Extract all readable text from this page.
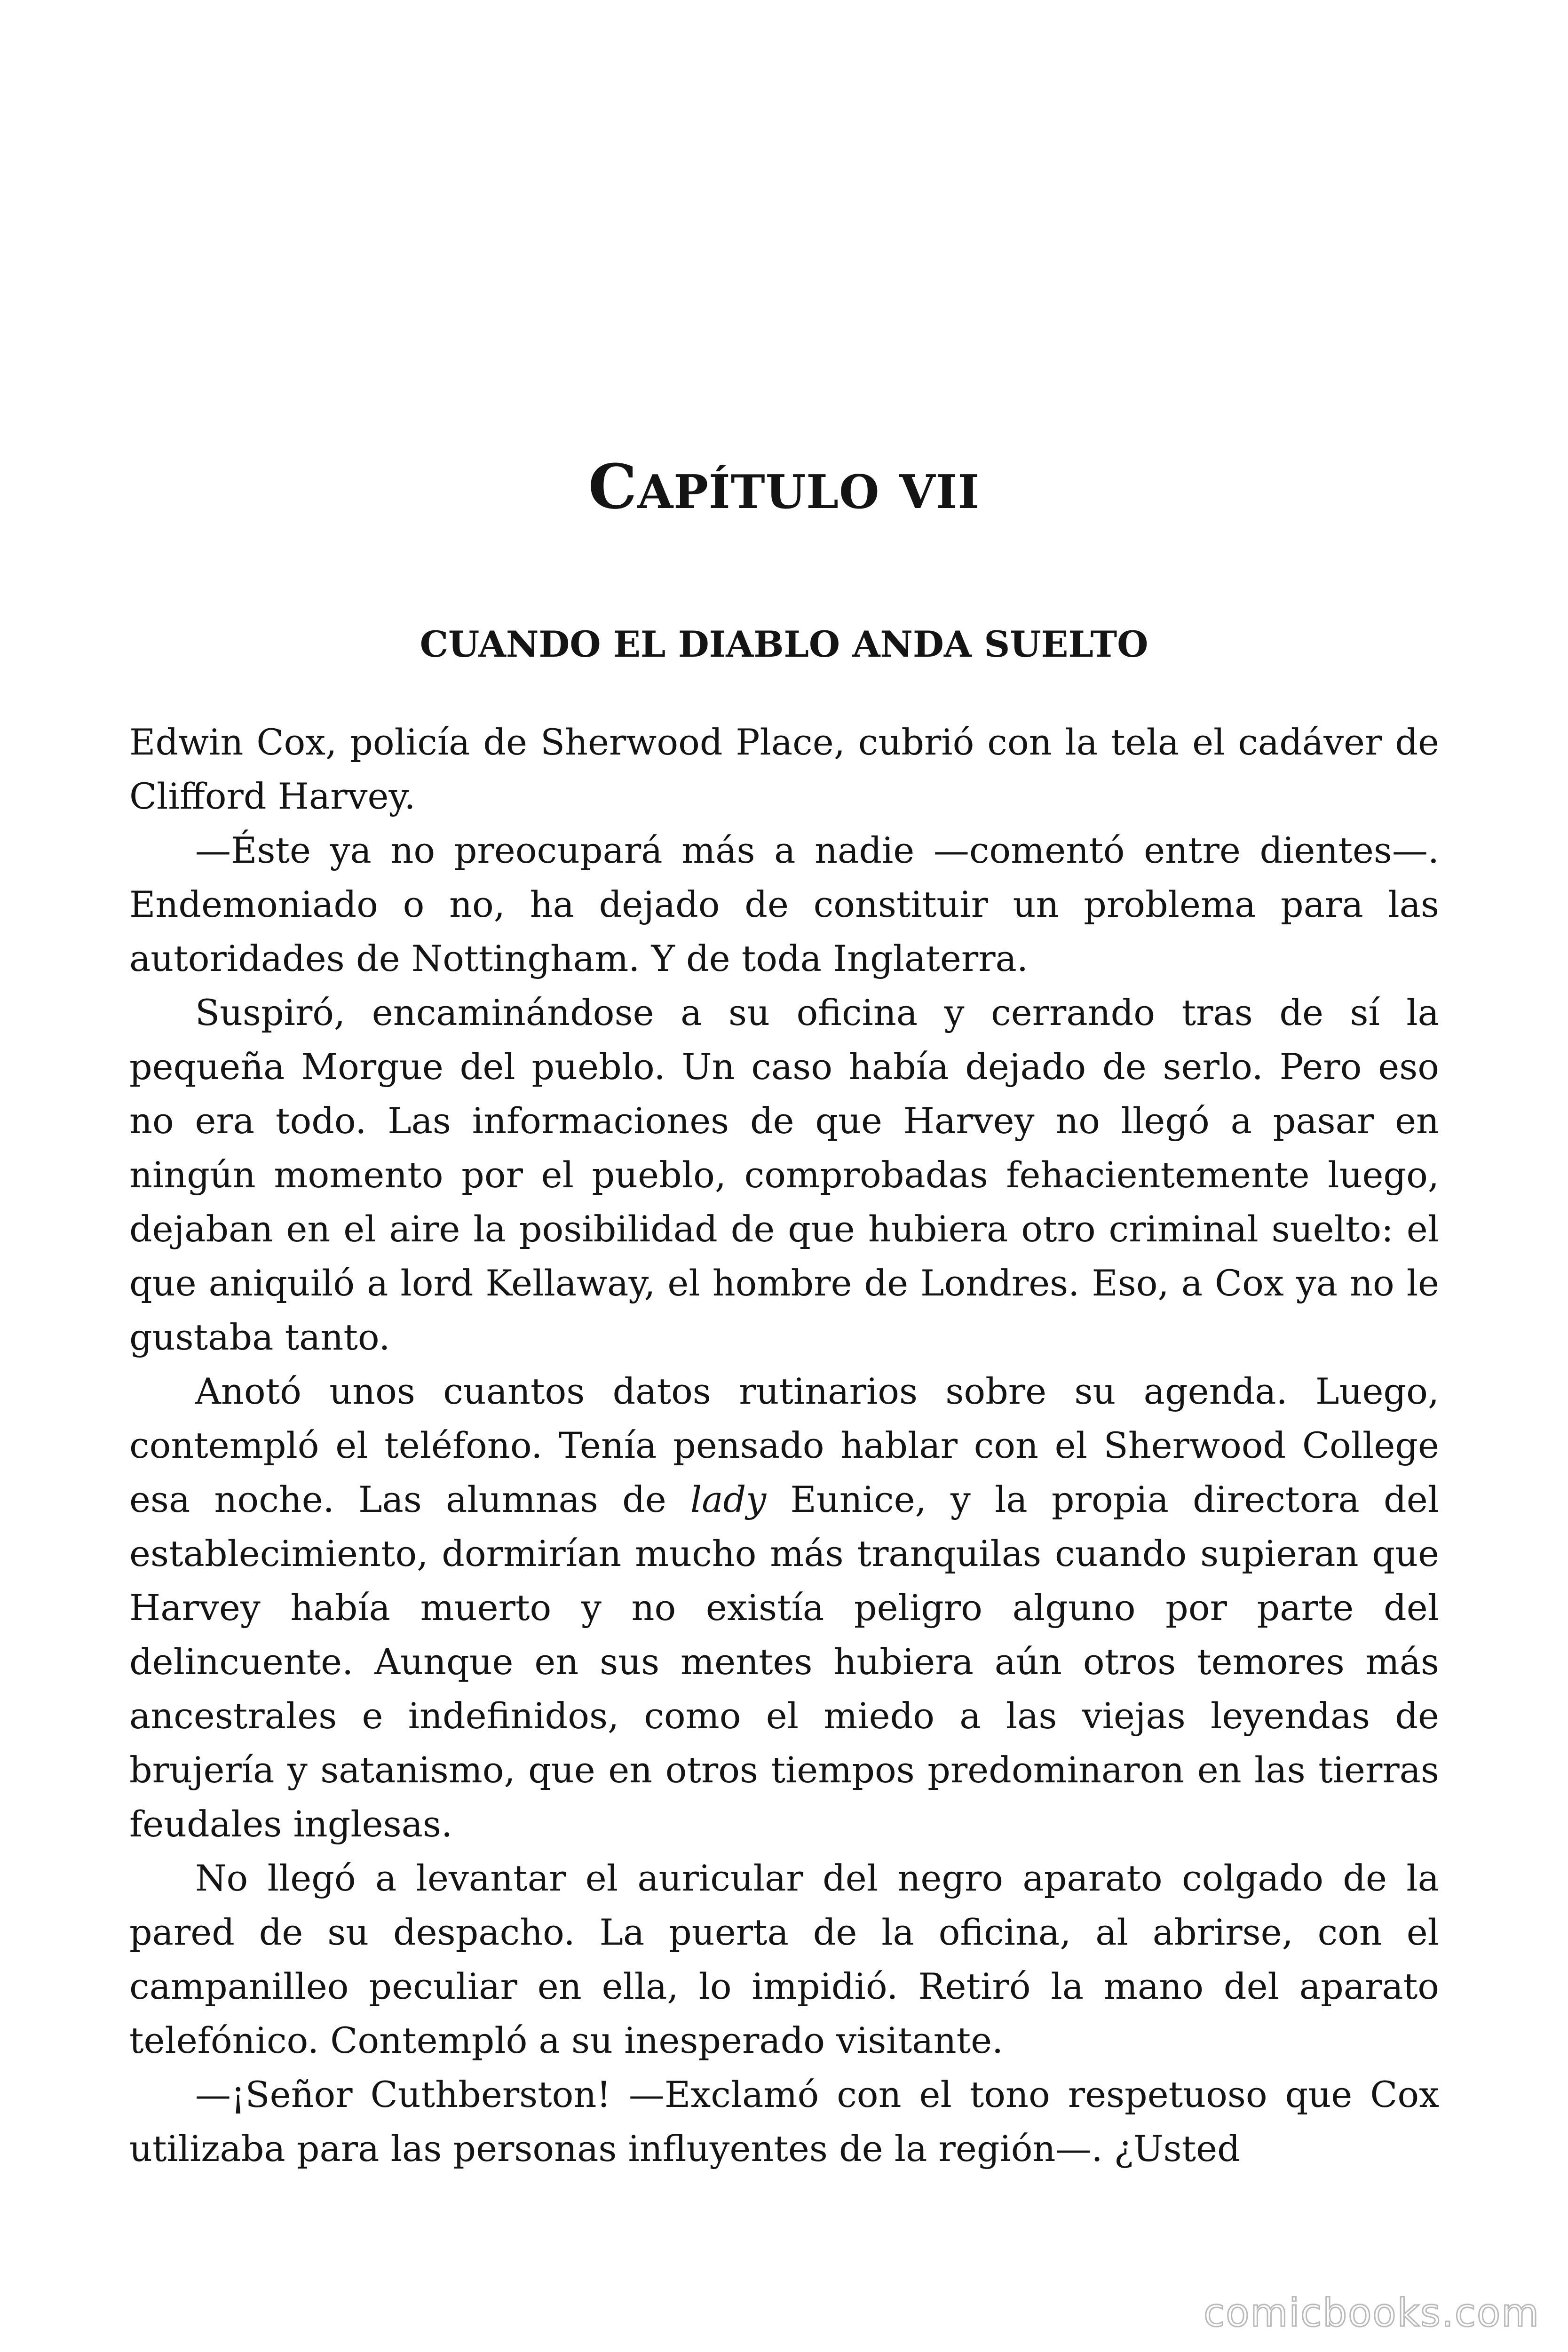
CAPÍTULO VII
CUANDO EL DIABLO ANDA SUELTO

Edwin Cox, policía de Sherwood Place, cubrió con la tela el cadáver de Clifford Harvey.

—Éste ya no preocupará más a nadie —comentó entre dientes—. Endemoniado o no, ha dejado de constituir un problema para las autoridades de Nottingham. Y de toda Inglaterra.

Suspiró, encaminándose a su oficina y cerrando tras de sí la pequeña Morgue del pueblo. Un caso había dejado de serlo. Pero eso no era todo. Las informaciones de que Harvey no llegó a pasar en ningún momento por el pueblo, comprobadas fehacientemente luego, dejaban en el aire la posibilidad de que hubiera otro criminal suelto: el que aniquiló a lord Kellaway, el hombre de Londres. Eso, a Cox ya no le gustaba tanto.

Anotó unos cuantos datos rutinarios sobre su agenda. Luego, contempló el teléfono. Tenía pensado hablar con el Sherwood College esa noche. Las alumnas de lady Eunice, y la propia directora del establecimiento, dormirían mucho más tranquilas cuando supieran que Harvey había muerto y no existía peligro alguno por parte del delincuente. Aunque en sus mentes hubiera aún otros temores más ancestrales e indefinidos, como el miedo a las viejas leyendas de brujería y satanismo, que en otros tiempos predominaron en las tierras feudales inglesas.

No llegó a levantar el auricular del negro aparato colgado de la pared de su despacho. La puerta de la oficina, al abrirse, con el campanilleo peculiar en ella, lo impidió. Retiró la mano del aparato telefónico. Contempló a su inesperado visitante.

—¡Señor Cuthberston! —Exclamó con el tono respetuoso que Cox utilizaba para las personas influyentes de la región—. ¿Usted

comicbooks.com
